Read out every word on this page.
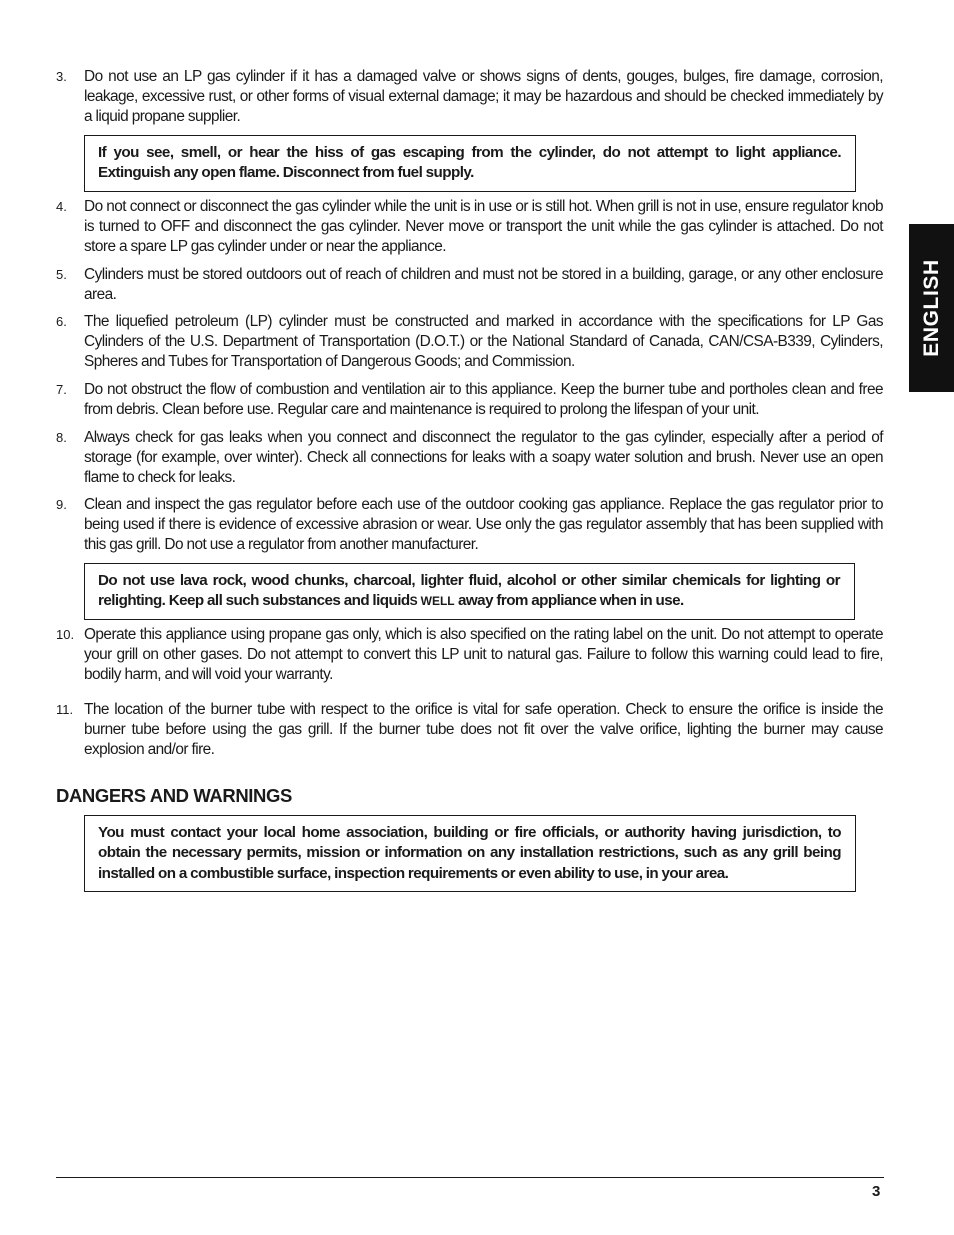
3. Do not use an LP gas cylinder if it has a damaged valve or shows signs of dents, gouges, bulges, fire damage, corrosion, leakage, excessive rust, or other forms of visual external damage; it may be hazardous and should be checked immediately by a liquid propane supplier.
If you see, smell, or hear the hiss of gas escaping from the cylinder, do not attempt to light appliance. Extinguish any open flame. Disconnect from fuel supply.
4. Do not connect or disconnect the gas cylinder while the unit is in use or is still hot. When grill is not in use, ensure regulator knob is turned to OFF and disconnect the gas cylinder. Never move or transport the unit while the gas cylinder is attached. Do not store a spare LP gas cylinder under or near the appliance.
5. Cylinders must be stored outdoors out of reach of children and must not be stored in a building, garage, or any other enclosure area.
6. The liquefied petroleum (LP) cylinder must be constructed and marked in accordance with the specifications for LP Gas Cylinders of the U.S. Department of Transportation (D.O.T.) or the National Standard of Canada, CAN/CSA-B339, Cylinders, Spheres and Tubes for Transportation of Dangerous Goods; and Commission.
7. Do not obstruct the flow of combustion and ventilation air to this appliance. Keep the burner tube and portholes clean and free from debris. Clean before use. Regular care and maintenance is required to prolong the lifespan of your unit.
8. Always check for gas leaks when you connect and disconnect the regulator to the gas cylinder, especially after a period of storage (for example, over winter). Check all connections for leaks with a soapy water solution and brush. Never use an open flame to check for leaks.
9. Clean and inspect the gas regulator before each use of the outdoor cooking gas appliance. Replace the gas regulator prior to being used if there is evidence of excessive abrasion or wear. Use only the gas regulator assembly that has been supplied with this gas grill. Do not use a regulator from another manufacturer.
Do not use lava rock, wood chunks, charcoal, lighter fluid, alcohol or other similar chemicals for lighting or relighting. Keep all such substances and liquidS WELL away from appliance when in use.
10. Operate this appliance using propane gas only, which is also specified on the rating label on the unit. Do not attempt to operate your grill on other gases. Do not attempt to convert this LP unit to natural gas. Failure to follow this warning could lead to fire, bodily harm, and will void your warranty.
11. The location of the burner tube with respect to the orifice is vital for safe operation. Check to ensure the orifice is inside the burner tube before using the gas grill. If the burner tube does not fit over the valve orifice, lighting the burner may cause explosion and/or fire.
DANGERS AND WARNINGS
You must contact your local home association, building or fire officials, or authority having jurisdiction, to obtain the necessary permits, mission or information on any installation restrictions, such as any grill being installed on a combustible surface, inspection requirements or even ability to use, in your area.
ENGLISH
3
